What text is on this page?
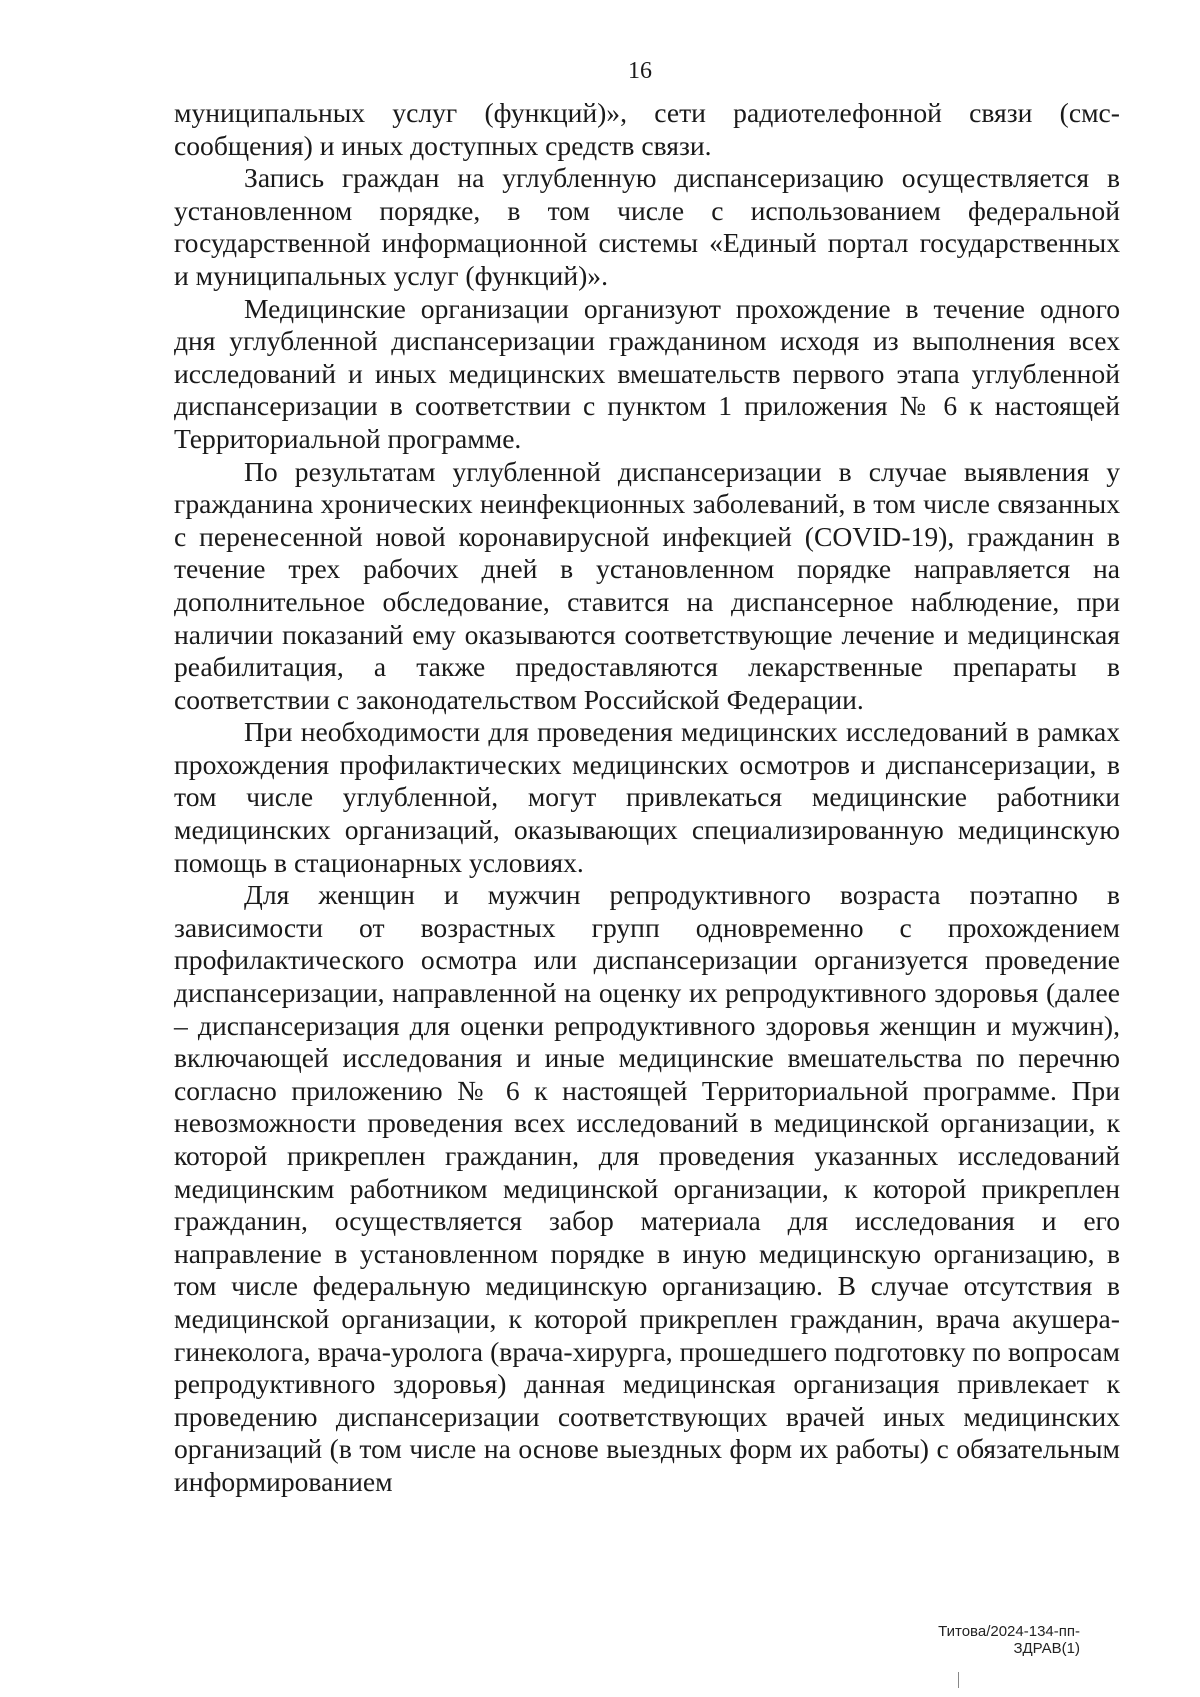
16

муниципальных услуг (функций)», сети радиотелефонной связи (смс-сообщения) и иных доступных средств связи.

Запись граждан на углубленную диспансеризацию осуществляется в установленном порядке, в том числе с использованием федеральной государственной информационной системы «Единый портал государственных и муниципальных услуг (функций)».

Медицинские организации организуют прохождение в течение одного дня углубленной диспансеризации гражданином исходя из выполнения всех исследований и иных медицинских вмешательств первого этапа углубленной диспансеризации в соответствии с пунктом 1 приложения № 6 к настоящей Территориальной программе.

По результатам углубленной диспансеризации в случае выявления у гражданина хронических неинфекционных заболеваний, в том числе связанных с перенесенной новой коронавирусной инфекцией (COVID-19), гражданин в течение трех рабочих дней в установленном порядке направляется на дополнительное обследование, ставится на диспансерное наблюдение, при наличии показаний ему оказываются соответствующие лечение и медицинская реабилитация, а также предоставляются лекарственные препараты в соответствии с законодательством Российской Федерации.

При необходимости для проведения медицинских исследований в рамках прохождения профилактических медицинских осмотров и диспансеризации, в том числе углубленной, могут привлекаться медицинские работники медицинских организаций, оказывающих специализированную медицинскую помощь в стационарных условиях.

Для женщин и мужчин репродуктивного возраста поэтапно в зависимости от возрастных групп одновременно с прохождением профилактического осмотра или диспансеризации организуется проведение диспансеризации, направленной на оценку их репродуктивного здоровья (далее – диспансеризация для оценки репродуктивного здоровья женщин и мужчин), включающей исследования и иные медицинские вмешательства по перечню согласно приложению № 6 к настоящей Территориальной программе. При невозможности проведения всех исследований в медицинской организации, к которой прикреплен гражданин, для проведения указанных исследований медицинским работником медицинской организации, к которой прикреплен гражданин, осуществляется забор материала для исследования и его направление в установленном порядке в иную медицинскую организацию, в том числе федеральную медицинскую организацию. В случае отсутствия в медицинской организации, к которой прикреплен гражданин, врача акушера-гинеколога, врача-уролога (врача-хирурга, прошедшего подготовку по вопросам репродуктивного здоровья) данная медицинская организация привлекает к проведению диспансеризации соответствующих врачей иных медицинских организаций (в том числе на основе выездных форм их работы) с обязательным информированием

Титова/2024-134-пп-ЗДРАВ(1)
